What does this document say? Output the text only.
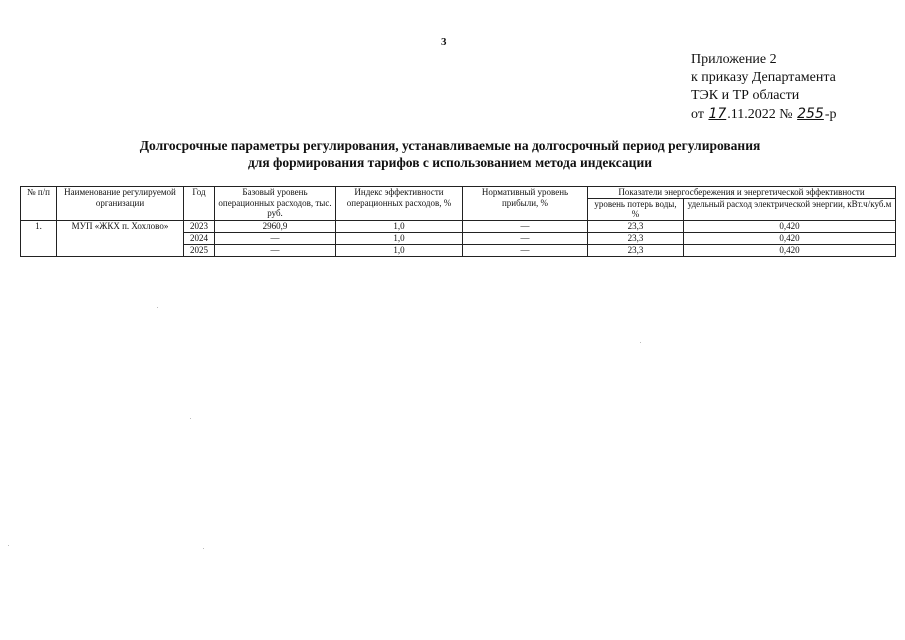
3
Приложение 2
к приказу Департамента
ТЭК и ТР области
от 17.11.2022 № 255-р
Долгосрочные параметры регулирования, устанавливаемые на долгосрочный период регулирования
для формирования тарифов с использованием метода индексации
№ п/п	Наименование регулируемой организации	Год	Базовый уровень операционных расходов, тыс. руб.	Индекс эффективности операционных расходов, %	Нормативный уровень прибыли, %	Показатели энергосбережения и энергетической эффективности	
						уровень потерь воды, %	удельный расход электрической энергии, кВт.ч/куб.м
1.	МУП «ЖКХ п. Хохлово»	2023	2960,9	1,0	—	23,3	0,420
		2024	—	1,0	—	23,3	0,420
		2025	—	1,0	—	23,3	0,420
